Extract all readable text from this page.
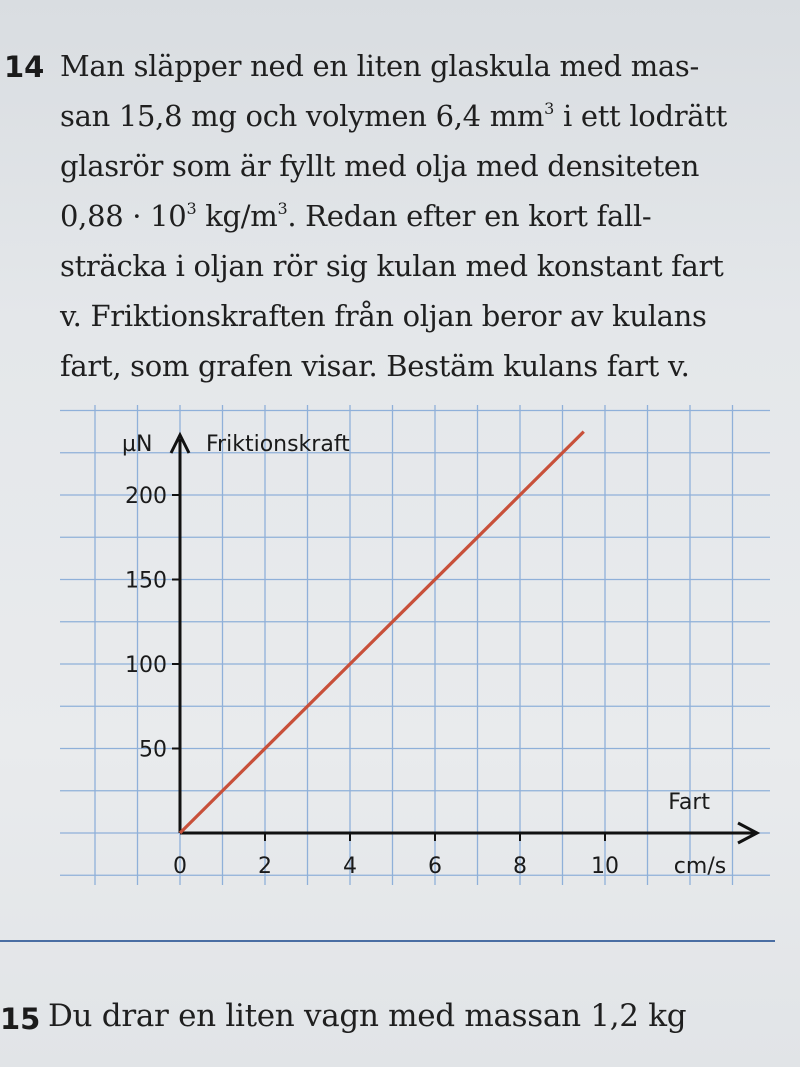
14 Man släpper ned en liten glaskula med mas-
san 15,8 mg och volymen 6,4 $mm^3$ i ett lodrätt
glasrör som är fyllt med olja med densiteten
$0,88 \cdot 10^3$ $kg/m^3$. Redan efter en kort fall-
sträcka i oljan rör sig kulan med konstant fart
v. Friktionskraften från oljan beror av kulans
fart, som grafen visar. Bestäm kulans fart v.
50
100
150
200
0	2	4	6	8	10
µN Friktionskraft
Fart
cm/s
15 Du drar en liten vagn med massan 1,2 kg
